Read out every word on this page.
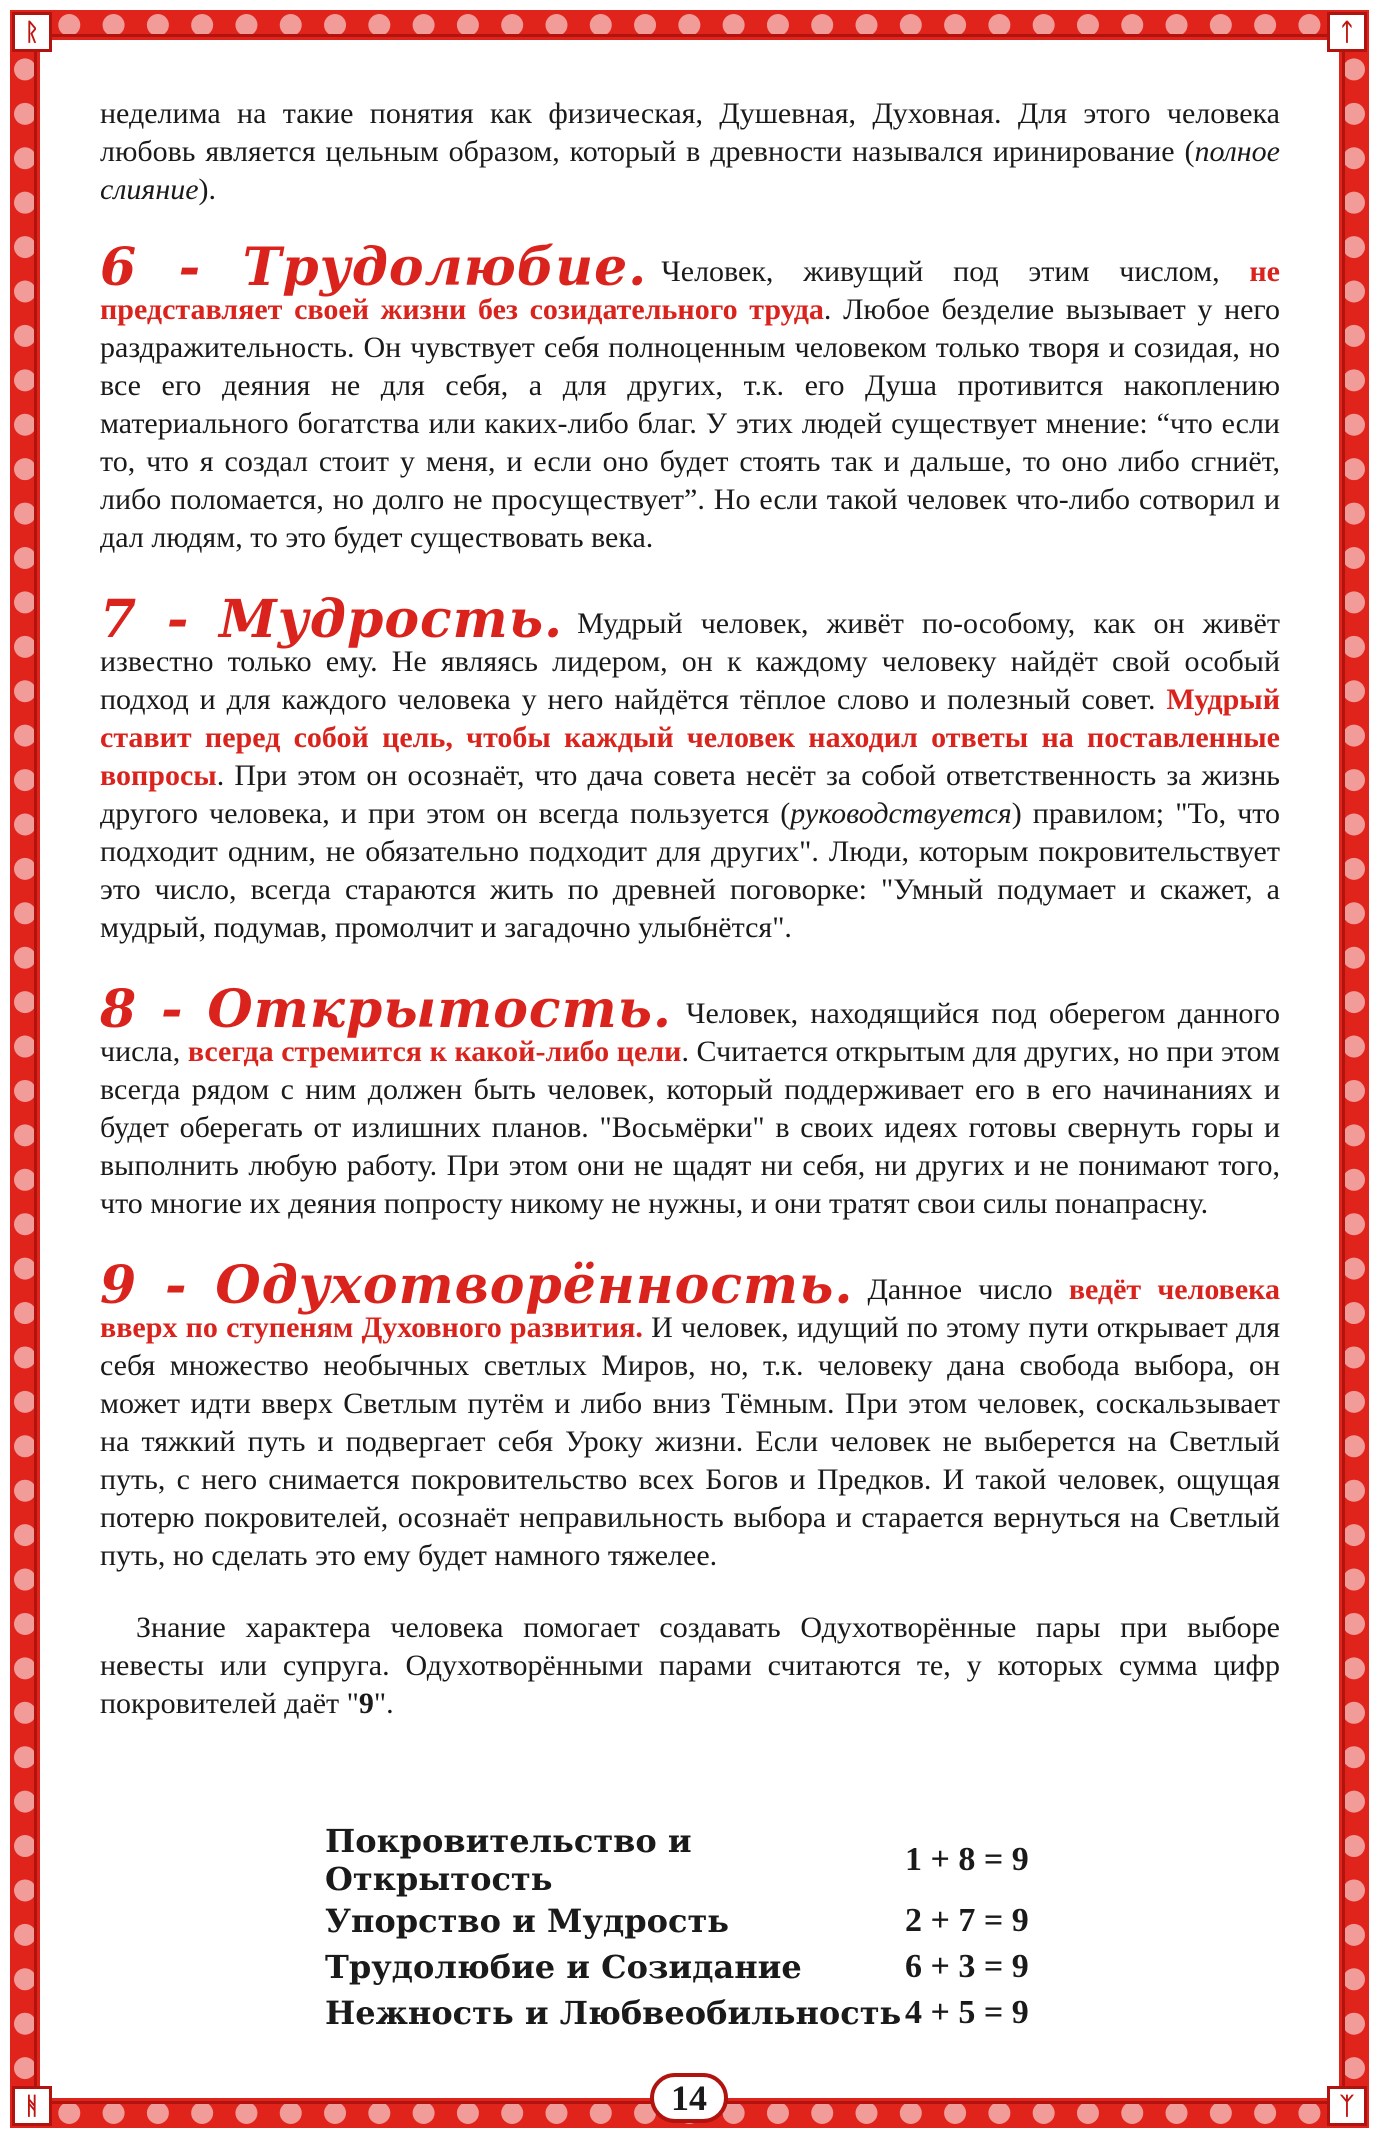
ᚱ	ᛏ
ᚻ	ᛉ

неделима на такие понятия как физическая, Душевная, Духовная. Для этого человека любовь является цельным образом, который в древности назывался иринирование (полное слияние).

6 - Трудолюбие. Человек, живущий под этим числом, не представляет своей жизни без созидательного труда. Любое безделие вызывает у него раздражительность. Он чувствует себя полноценным человеком только творя и созидая, но все его деяния не для себя, а для других, т.к. его Душа противится накоплению материального богатства или каких-либо благ. У этих людей существует мнение: “что если то, что я создал стоит у меня, и если оно будет стоять так и дальше, то оно либо сгниёт, либо поломается, но долго не просуществует”. Но если такой человек что-либо сотворил и дал людям, то это будет существовать века.

7 - Мудрость. Мудрый человек, живёт по-особому, как он живёт известно только ему. Не являясь лидером, он к каждому человеку найдёт свой особый подход и для каждого человека у него найдётся тёплое слово и полезный совет. Мудрый ставит перед собой цель, чтобы каждый человек находил ответы на поставленные вопросы. При этом он осознаёт, что дача совета несёт за собой ответственность за жизнь другого человека, и при этом он всегда пользуется (руководствуется) правилом; "То, что подходит одним, не обязательно подходит для других". Люди, которым покровительствует это число, всегда стараются жить по древней поговорке: "Умный подумает и скажет, а мудрый, подумав, промолчит и загадочно улыбнётся".

8 - Открытость. Человек, находящийся под оберегом данного числа, всегда стремится к какой-либо цели. Считается открытым для других, но при этом всегда рядом с ним должен быть человек, который поддерживает его в его начинаниях и будет оберегать от излишних планов. "Восьмёрки" в своих идеях готовы свернуть горы и выполнить любую работу. При этом они не щадят ни себя, ни других и не понимают того, что многие их деяния попросту никому не нужны, и они тратят свои силы понапрасну.

9 - Одухотворённость. Данное число ведёт человека вверх по ступеням Духовного развития. И человек, идущий по этому пути открывает для себя множество необычных светлых Миров, но, т.к. человеку дана свобода выбора, он может идти вверх Светлым путём и либо вниз Тёмным. При этом человек, соскальзывает на тяжкий путь и подвергает себя Уроку жизни. Если человек не выберется на Светлый путь, с него снимается покровительство всех Богов и Предков. И такой человек, ощущая потерю покровителей, осознаёт неправильность выбора и старается вернуться на Светлый путь, но сделать это ему будет намного тяжелее.

Знание характера человека помогает создавать Одухотворённые пары при выборе невесты или супруга. Одухотворёнными парами считаются те, у которых сумма цифр покровителей даёт "9".

Покровительство и Открытость	1 + 8 = 9
Упорство и Мудрость	2 + 7 = 9
Трудолюбие и Созидание	6 + 3 = 9
Нежность и Любвеобильность	4 + 5 = 9
14
